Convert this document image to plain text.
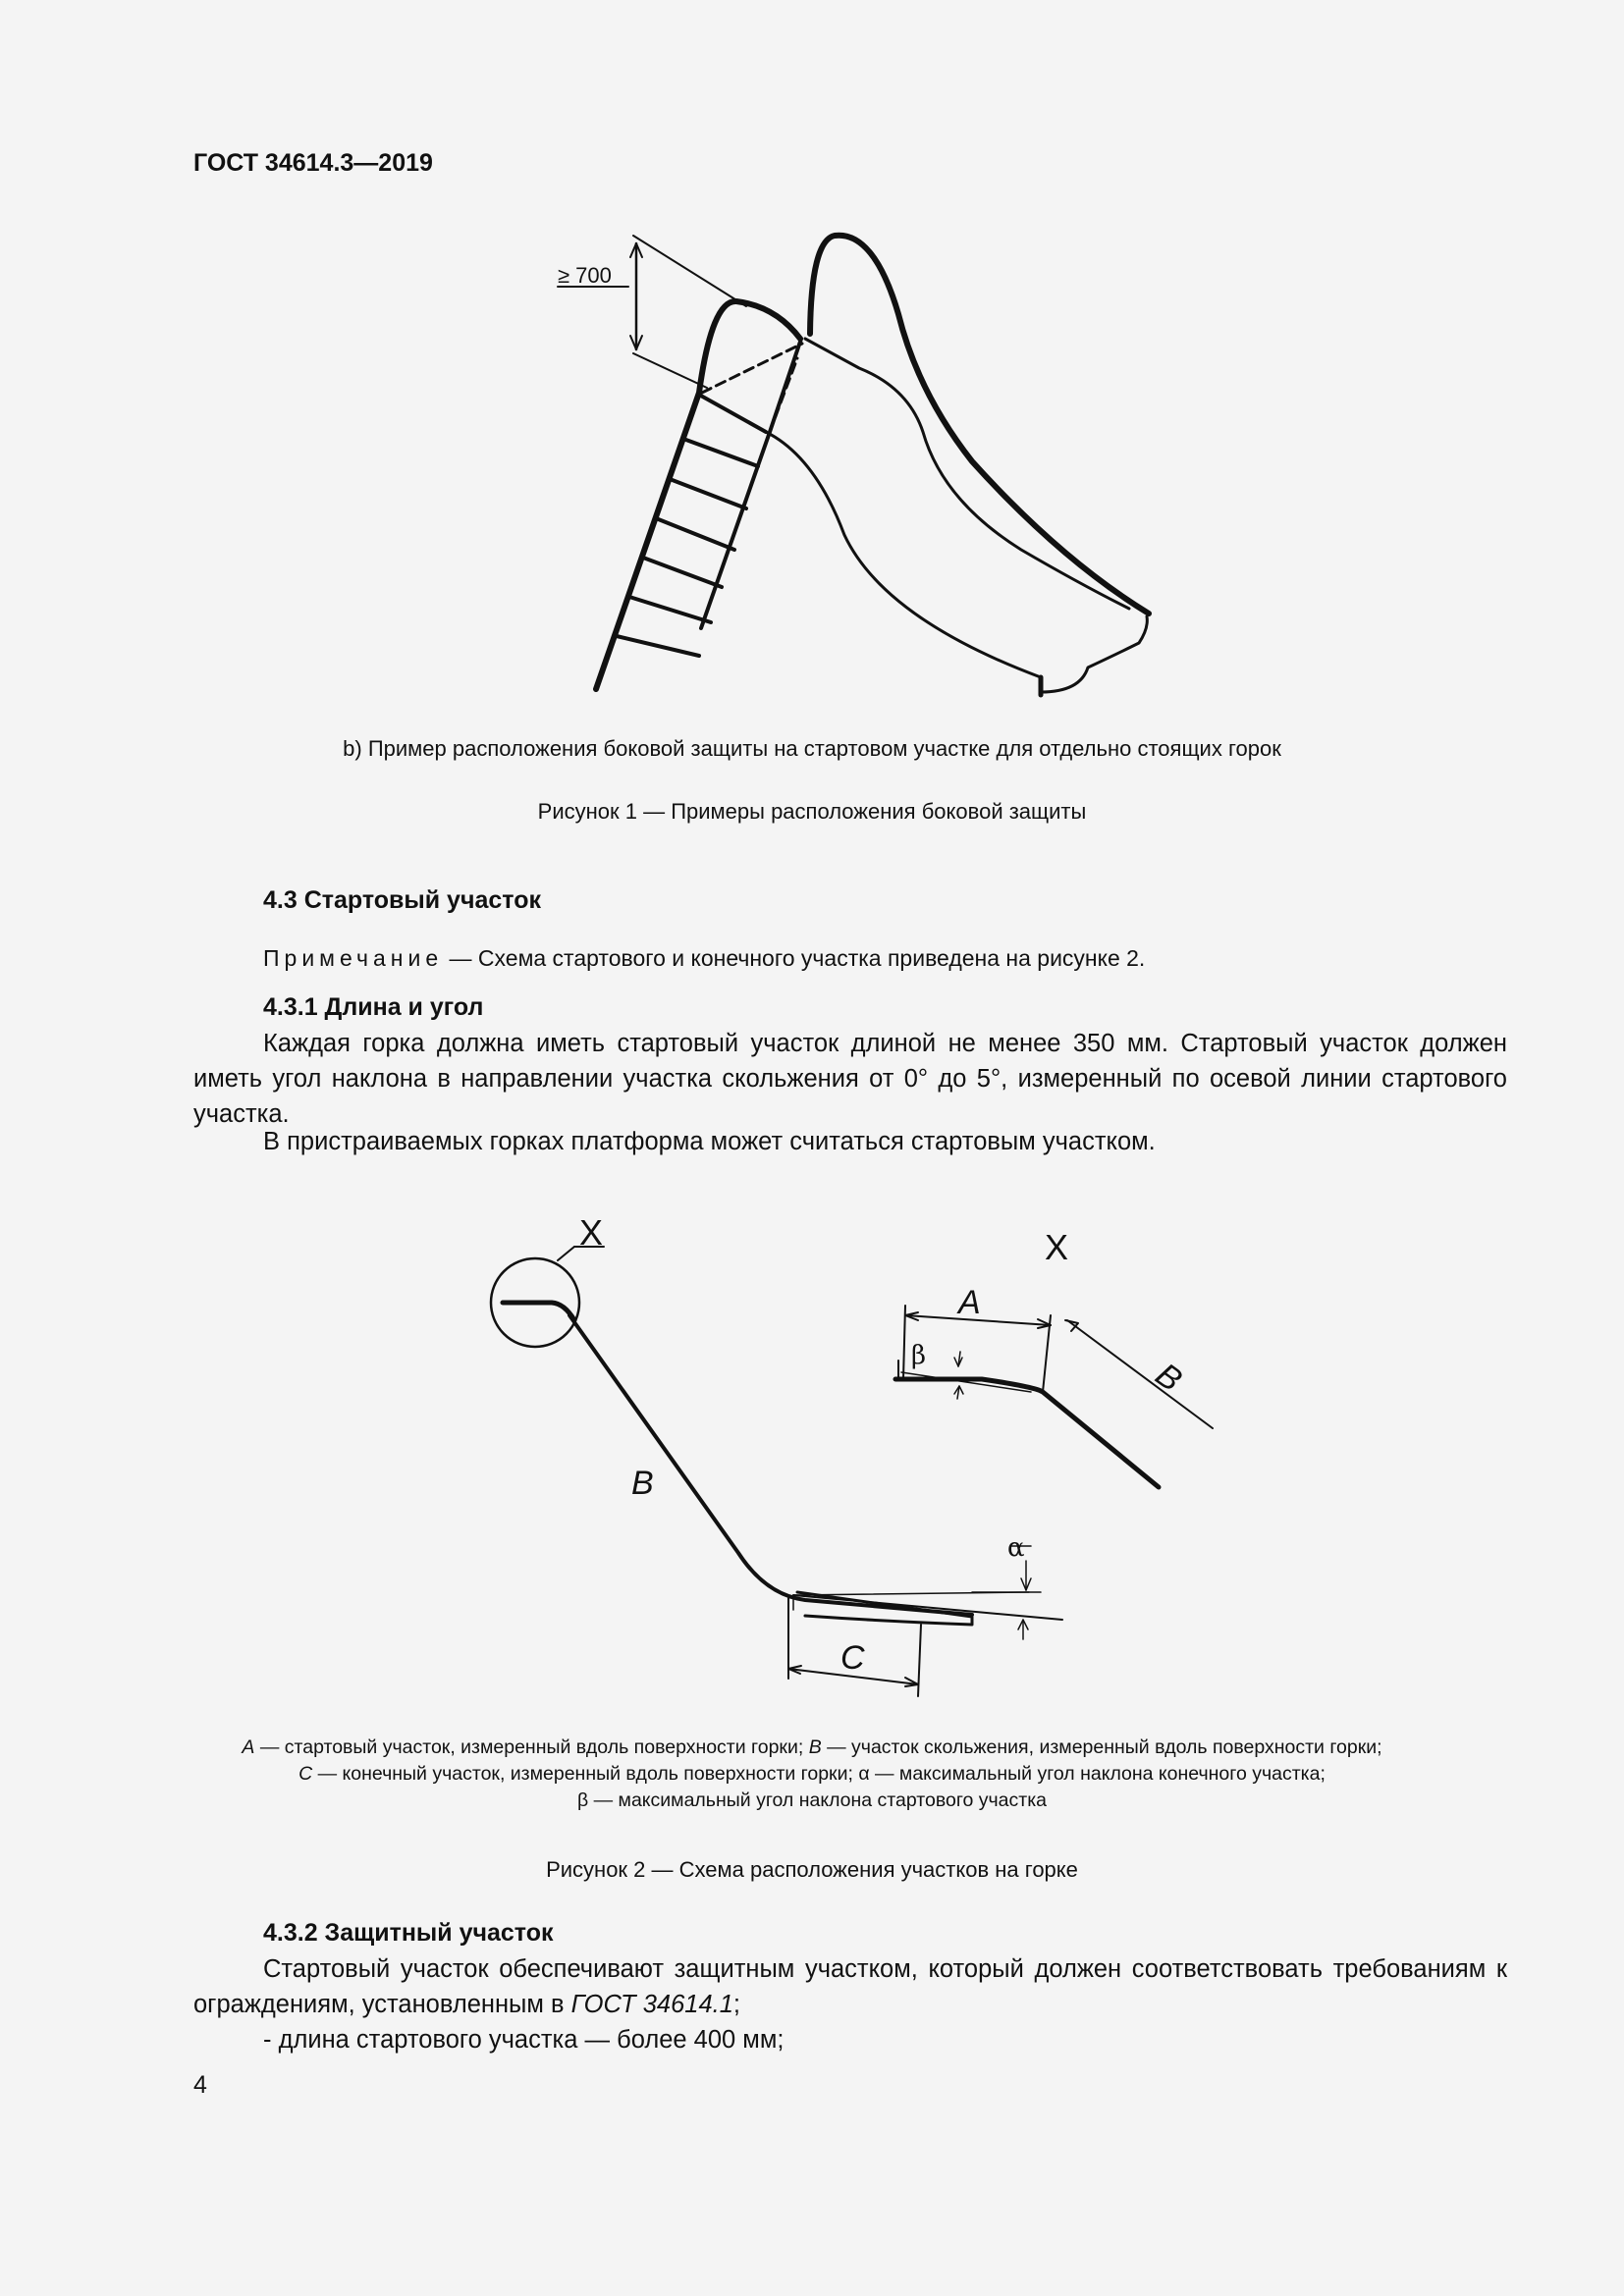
ГОСТ 34614.3—2019
≥ 700
b) Пример расположения боковой защиты на стартовом участке для отдельно стоящих горок
Рисунок 1 — Примеры расположения боковой защиты
4.3 Стартовый участок
Примечание — Схема стартового и конечного участка приведена на рисунке 2.
4.3.1 Длина и угол
Каждая горка должна иметь стартовый участок длиной не менее 350 мм. Стартовый участок должен иметь угол наклона в направлении участка скольжения от 0° до 5°, измеренный по осевой линии стартового участка.
В пристраиваемых горках платформа может считаться стартовым участком.
X	X
A
B
B
C
α
β
A — стартовый участок, измеренный вдоль поверхности горки; B — участок скольжения, измеренный вдоль поверхности горки;
C — конечный участок, измеренный вдоль поверхности горки; α — максимальный угол наклона конечного участка;
β — максимальный угол наклона стартового участка
Рисунок 2 — Схема расположения участков на горке
4.3.2 Защитный участок
Стартовый участок обеспечивают защитным участком, который должен соответствовать требованиям к ограждениям, установленным в ГОСТ 34614.1;
- длина стартового участка — более 400 мм;
4
